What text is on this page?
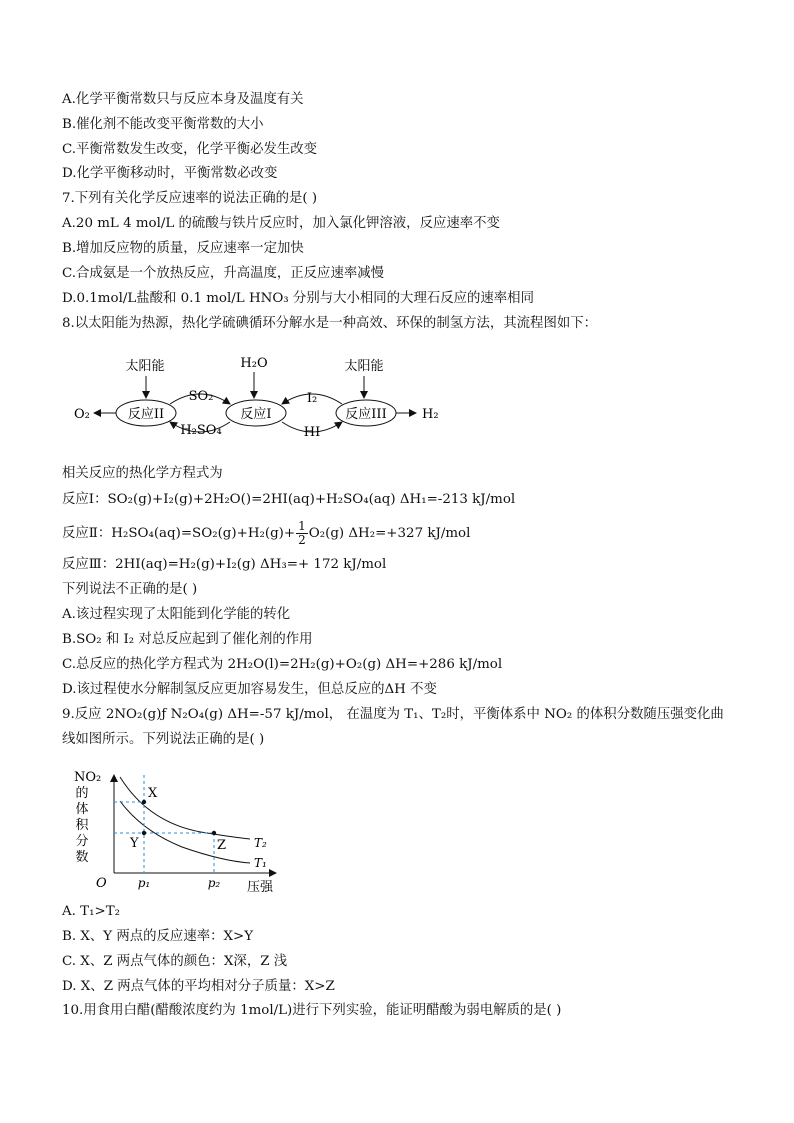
A.化学平衡常数只与反应本身及温度有关
B.催化剂不能改变平衡常数的大小
C.平衡常数发生改变，化学平衡必发生改变
D.化学平衡移动时，平衡常数必改变
7.下列有关化学反应速率的说法正确的是( )
A.20 mL 4 mol/L 的硫酸与铁片反应时，加入氯化钾溶液，反应速率不变
B.增加反应物的质量，反应速率一定加快
C.合成氨是一个放热反应，升高温度，正反应速率减慢
D.0.1mol/L盐酸和 0.1 mol/L HNO₃ 分别与大小相同的大理石反应的速率相同
8.以太阳能为热源，热化学硫碘循环分解水是一种高效、环保的制氢方法，其流程图如下：
太阳能	H₂O	太阳能
反应II	反应I	反应III
O₂	H₂
SO₂
H₂SO₄
I₂
HI
相关反应的热化学方程式为
反应Ⅰ：SO₂(g)+I₂(g)+2H₂O()=2HI(aq)+H₂SO₄(aq) ΔH₁=-213 kJ/mol
反应Ⅱ：$H_2SO_4(aq)=SO_2(g)+H_2(g)+ \frac{1}{2} O_2(g)$ ΔH₂=+327 kJ/mol
反应Ⅲ：2HI(aq)=H₂(g)+I₂(g) ΔH₃=+ 172 kJ/mol
下列说法不正确的是( )
A.该过程实现了太阳能到化学能的转化
B.SO₂ 和 I₂ 对总反应起到了催化剂的作用
C.总反应的热化学方程式为 2H₂O(l)=2H₂(g)+O₂(g) ΔH=+286 kJ/mol
D.该过程使水分解制氢反应更加容易发生，但总反应的ΔH 不变
9.反应 2NO₂(g)ƒ N₂O₄(g) ΔH=-57 kJ/mol， 在温度为 T₁、T₂时，平衡体系中 NO₂ 的体积分数随压强变化曲
线如图所示。下列说法正确的是( )
NO₂
的
体
积
分
数
O
T₂
T₁
X
Y	Z
p₁	p₂ 压强
A. T₁>T₂
B. X、Y 两点的反应速率：X>Y
C. X、Z 两点气体的颜色：X深，Z 浅
D. X、Z 两点气体的平均相对分子质量：X>Z
10.用食用白醋(醋酸浓度约为 1mol/L)进行下列实验，能证明醋酸为弱电解质的是( )
